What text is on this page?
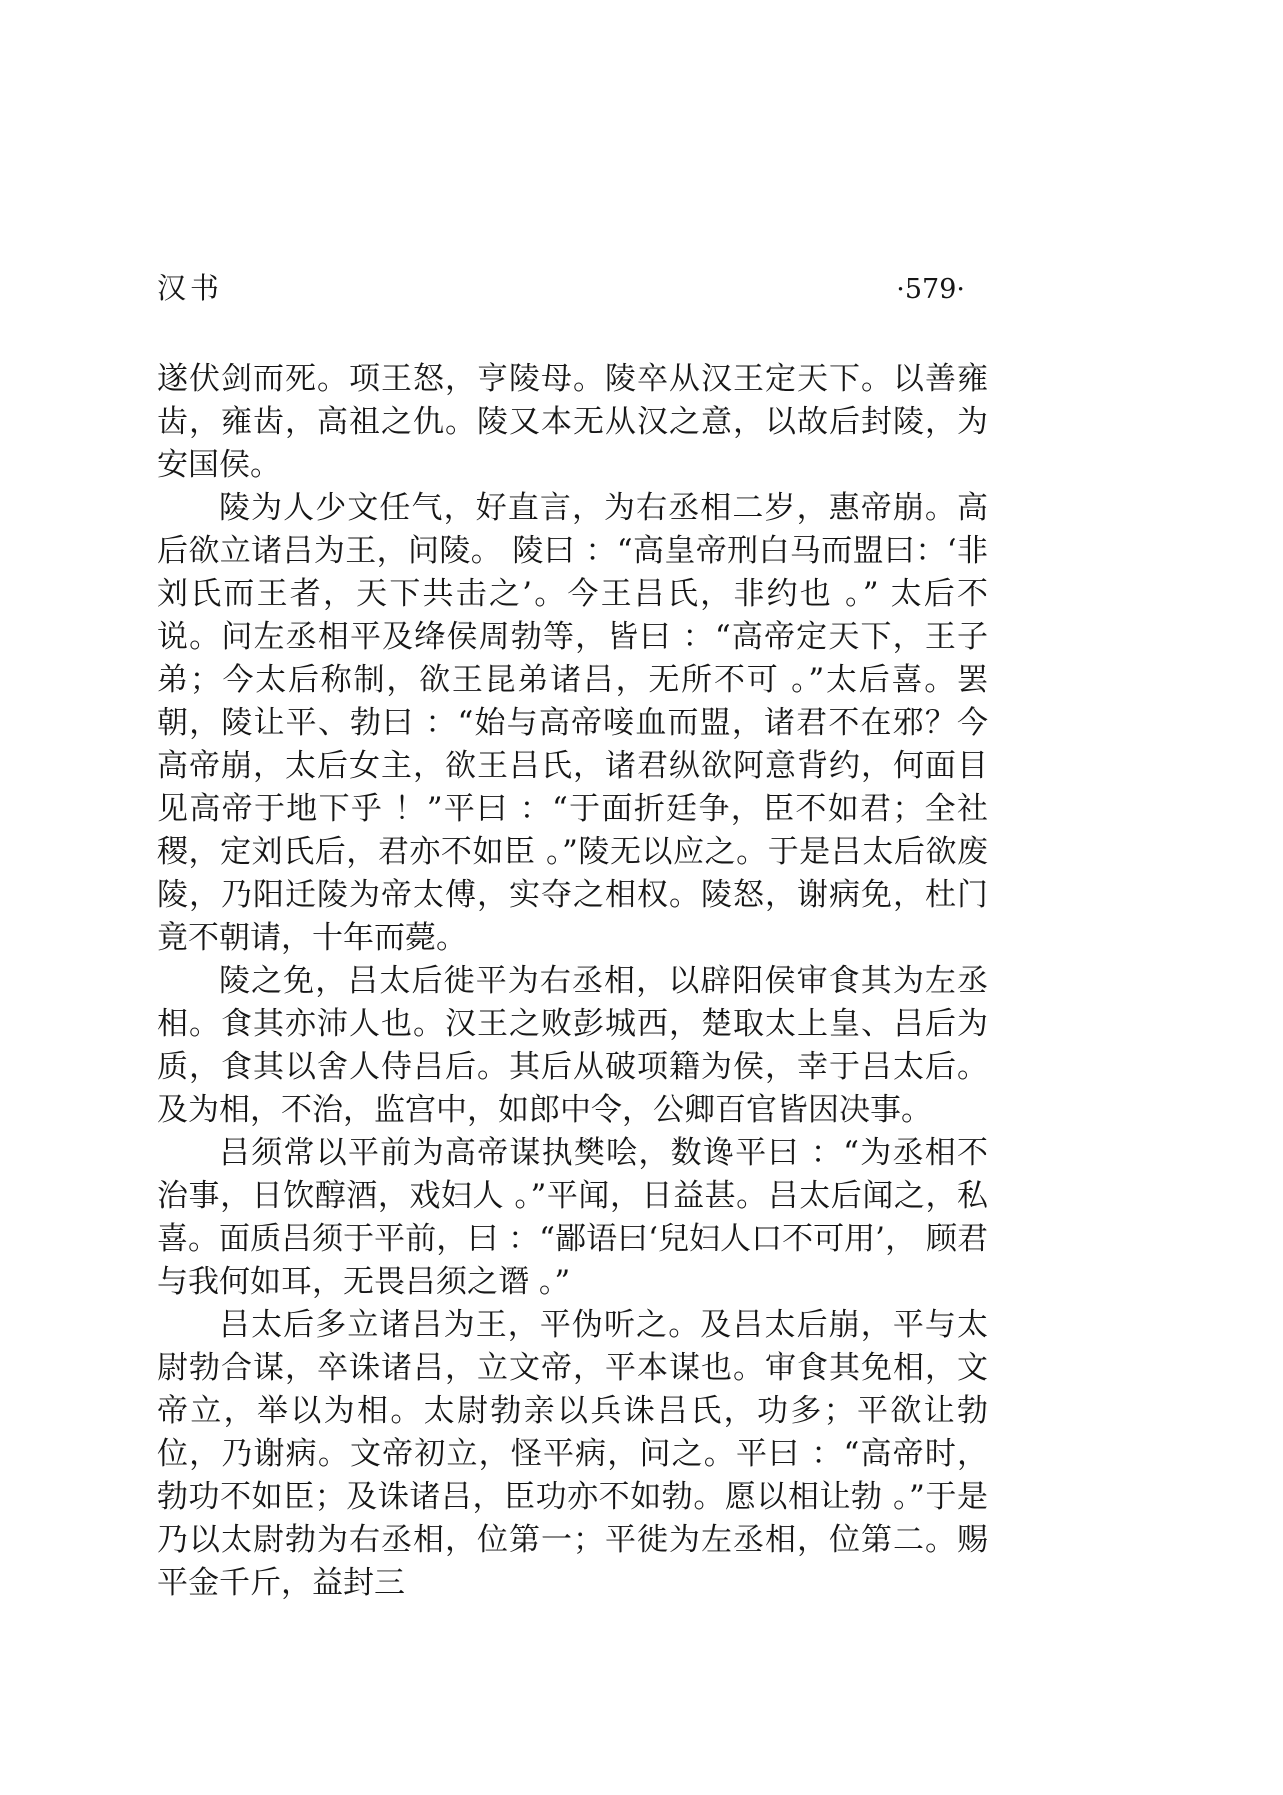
汉书	·579·

遂伏剑而死。项王怒，亨陵母。陵卒从汉王定天下。以善雍齿，雍齿，高祖之仇。陵又本无从汉之意，以故后封陵，为安国侯。

陵为人少文任气，好直言，为右丞相二岁，惠帝崩。高后欲立诸吕为王，问陵。 陵曰 ：“高皇帝刑白马而盟曰：‘非刘氏而王者，天下共击之’。今王吕氏，非约也 。” 太后不说。问左丞相平及绛侯周勃等，皆曰 ：“高帝定天下，王子弟；今太后称制，欲王昆弟诸吕，无所不可 。”太后喜。罢朝，陵让平、勃曰 ：“始与高帝唼血而盟，诸君不在邪？今高帝崩，太后女主，欲王吕氏，诸君纵欲阿意背约，何面目见高帝于地下乎 ！”平曰 ：“于面折廷争，臣不如君；全社稷，定刘氏后，君亦不如臣 。”陵无以应之。于是吕太后欲废陵，乃阳迁陵为帝太傅，实夺之相权。陵怒，谢病免，杜门竟不朝请，十年而薨。

陵之免，吕太后徙平为右丞相，以辟阳侯审食其为左丞相。食其亦沛人也。汉王之败彭城西，楚取太上皇、吕后为质，食其以舍人侍吕后。其后从破项籍为侯，幸于吕太后。及为相，不治，监宫中，如郎中令，公卿百官皆因决事。

吕须常以平前为高帝谋执樊哙，数谗平曰 ：“为丞相不治事，日饮醇酒，戏妇人 。”平闻，日益甚。吕太后闻之，私喜。面质吕须于平前，曰 ：“鄙语曰‘兒妇人口不可用’， 顾君与我何如耳，无畏吕须之谮 。”

吕太后多立诸吕为王，平伪听之。及吕太后崩，平与太尉勃合谋，卒诛诸吕，立文帝，平本谋也。审食其免相，文帝立，举以为相。太尉勃亲以兵诛吕氏，功多；平欲让勃位，乃谢病。文帝初立，怪平病，问之。平曰 ：“高帝时，勃功不如臣；及诛诸吕，臣功亦不如勃。愿以相让勃 。”于是乃以太尉勃为右丞相，位第一；平徙为左丞相，位第二。赐平金千斤，益封三
